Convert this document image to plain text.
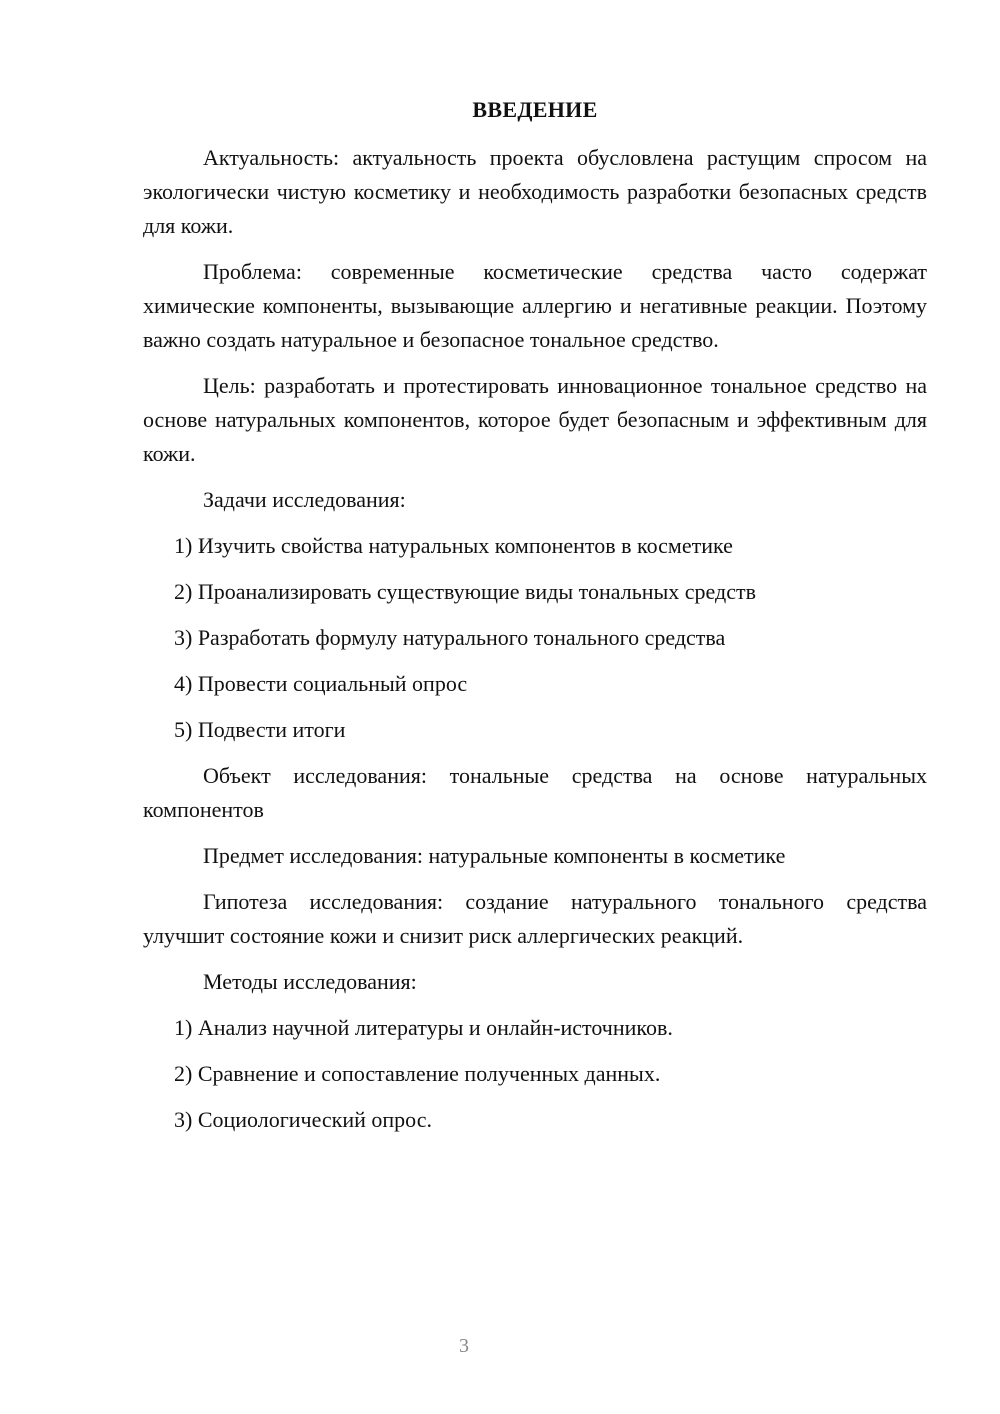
ВВЕДЕНИЕ

Актуальность: актуальность проекта обусловлена растущим спросом на экологически чистую косметику и необходимость разработки безопасных средств для кожи.

Проблема: современные косметические средства часто содержат химические компоненты, вызывающие аллергию и негативные реакции. Поэтому важно создать натуральное и безопасное тональное средство.

Цель: разработать и протестировать инновационное тональное средство на основе натуральных компонентов, которое будет безопасным и эффективным для кожи.

Задачи исследования:

1) Изучить свойства натуральных компонентов в косметике
2) Проанализировать существующие виды тональных средств
3) Разработать формулу натурального тонального средства
4) Провести социальный опрос
5) Подвести итоги

Объект исследования: тональные средства на основе натуральных компонентов

Предмет исследования: натуральные компоненты в косметике

Гипотеза исследования: создание натурального тонального средства улучшит состояние кожи и снизит риск аллергических реакций.

Методы исследования:

1) Анализ научной литературы и онлайн-источников.
2) Сравнение и сопоставление полученных данных.
3) Социологический опрос.
3
